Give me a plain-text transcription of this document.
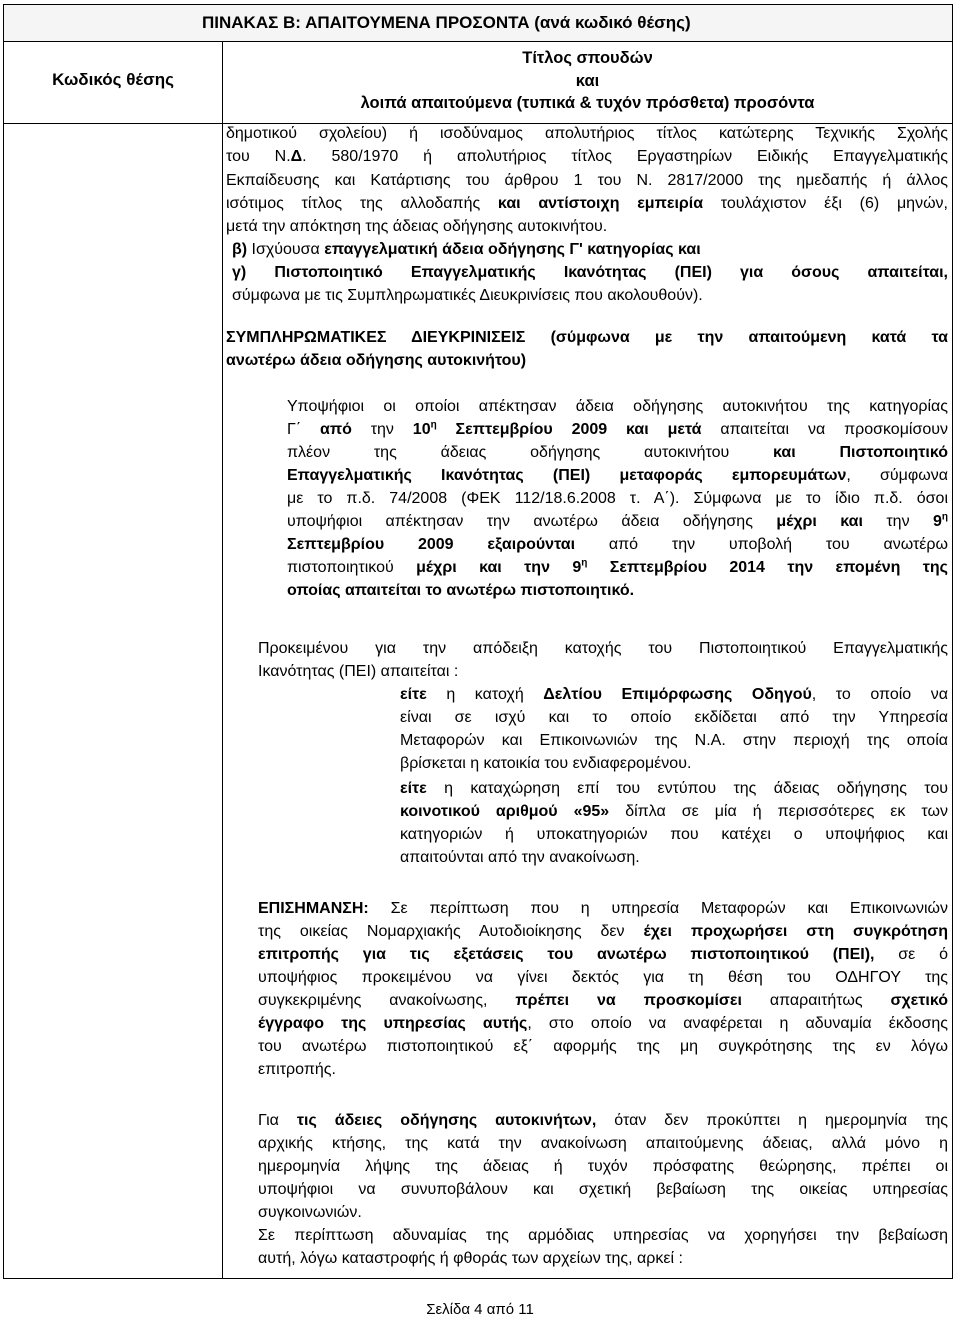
ΠΙΝΑΚΑΣ Β: ΑΠΑΙΤΟΥΜΕΝΑ ΠΡΟΣΟΝΤΑ (ανά κωδικό θέσης)
Κωδικός θέσης
Τίτλος σπουδών
και
λοιπά απαιτούμενα (τυπικά & τυχόν πρόσθετα) προσόντα
δημοτικού σχολείου) ή ισοδύναμος απολυτήριος τίτλος κατώτερης Τεχνικής Σχολής
του Ν.Δ. 580/1970 ή απολυτήριος τίτλος Εργαστηρίων Ειδικής Επαγγελματικής
Εκπαίδευσης και Κατάρτισης του άρθρου 1 του Ν. 2817/2000 της ημεδαπής ή άλλος
ισότιμος τίτλος της αλλοδαπής και αντίστοιχη εμπειρία τουλάχιστον έξι (6) μηνών,
μετά την απόκτηση της άδειας οδήγησης αυτοκινήτου.
β) Ισχύουσα επαγγελματική άδεια οδήγησης Γ' κατηγορίας και
γ) Πιστοποιητικό Επαγγελματικής Ικανότητας (ΠΕΙ) για όσους απαιτείται,
σύμφωνα με τις Συμπληρωματικές Διευκρινίσεις που ακολουθούν).
ΣΥΜΠΛΗΡΩΜΑΤΙΚΕΣ ΔΙΕΥΚΡΙΝΙΣΕΙΣ (σύμφωνα με την απαιτούμενη κατά τα
ανωτέρω άδεια οδήγησης αυτοκινήτου)
Υποψήφιοι οι οποίοι απέκτησαν άδεια οδήγησης αυτοκινήτου της κατηγορίας
Γ΄ από την $10^\eta$ Σεπτεμβρίου 2009 και μετά απαιτείται να προσκομίσουν
πλέον της άδειας οδήγησης αυτοκινήτου και Πιστοποιητικό
Επαγγελματικής Ικανότητας (ΠΕΙ) μεταφοράς εμπορευμάτων, σύμφωνα
με το π.δ. 74/2008 (ΦΕΚ 112/18.6.2008 τ. Α΄). Σύμφωνα με το ίδιο π.δ. όσοι
υποψήφιοι απέκτησαν την ανωτέρω άδεια οδήγησης μέχρι και την $9^\eta$
Σεπτεμβρίου 2009 εξαιρούνται από την υποβολή του ανωτέρω
πιστοποιητικού μέχρι και την $9^\eta$ Σεπτεμβρίου 2014 την επομένη της
οποίας απαιτείται το ανωτέρω πιστοποιητικό.
Προκειμένου για την απόδειξη κατοχής του Πιστοποιητικού Επαγγελματικής
Ικανότητας (ΠΕΙ) απαιτείται :
είτε η κατοχή Δελτίου Επιμόρφωσης Οδηγού, το οποίο να
είναι σε ισχύ και το οποίο εκδίδεται από την Υπηρεσία
Μεταφορών και Επικοινωνιών της Ν.Α. στην περιοχή της οποία
βρίσκεται η κατοικία του ενδιαφερομένου.
είτε η καταχώρηση επί του εντύπου της άδειας οδήγησης του
κοινοτικού αριθμού «95» δίπλα σε μία ή περισσότερες εκ των
κατηγοριών ή υποκατηγοριών που κατέχει ο υποψήφιος και
απαιτούνται από την ανακοίνωση.
ΕΠΙΣΗΜΑΝΣΗ: Σε περίπτωση που η υπηρεσία Μεταφορών και Επικοινωνιών
της οικείας Νομαρχιακής Αυτοδιοίκησης δεν έχει προχωρήσει στη συγκρότηση
επιτροπής για τις εξετάσεις του ανωτέρω πιστοποιητικού (ΠΕΙ), σε ό
υποψήφιος προκειμένου να γίνει δεκτός για τη θέση του ΟΔΗΓΟΥ της
συγκεκριμένης ανακοίνωσης, πρέπει να προσκομίσει απαραιτήτως σχετικό
έγγραφο της υπηρεσίας αυτής, στο οποίο να αναφέρεται η αδυναμία έκδοσης
του ανωτέρω πιστοποιητικού εξ΄ αφορμής της μη συγκρότησης της εν λόγω
επιτροπής.
Για τις άδειες οδήγησης αυτοκινήτων, όταν δεν προκύπτει η ημερομηνία της
αρχικής κτήσης, της κατά την ανακοίνωση απαιτούμενης άδειας, αλλά μόνο η
ημερομηνία λήψης της άδειας ή τυχόν πρόσφατης θεώρησης, πρέπει οι
υποψήφιοι να συνυποβάλουν και σχετική βεβαίωση της οικείας υπηρεσίας
συγκοινωνιών.
Σε περίπτωση αδυναμίας της αρμόδιας υπηρεσίας να χορηγήσει την βεβαίωση
αυτή, λόγω καταστροφής ή φθοράς των αρχείων της, αρκεί :
Σελίδα 4 από 11
